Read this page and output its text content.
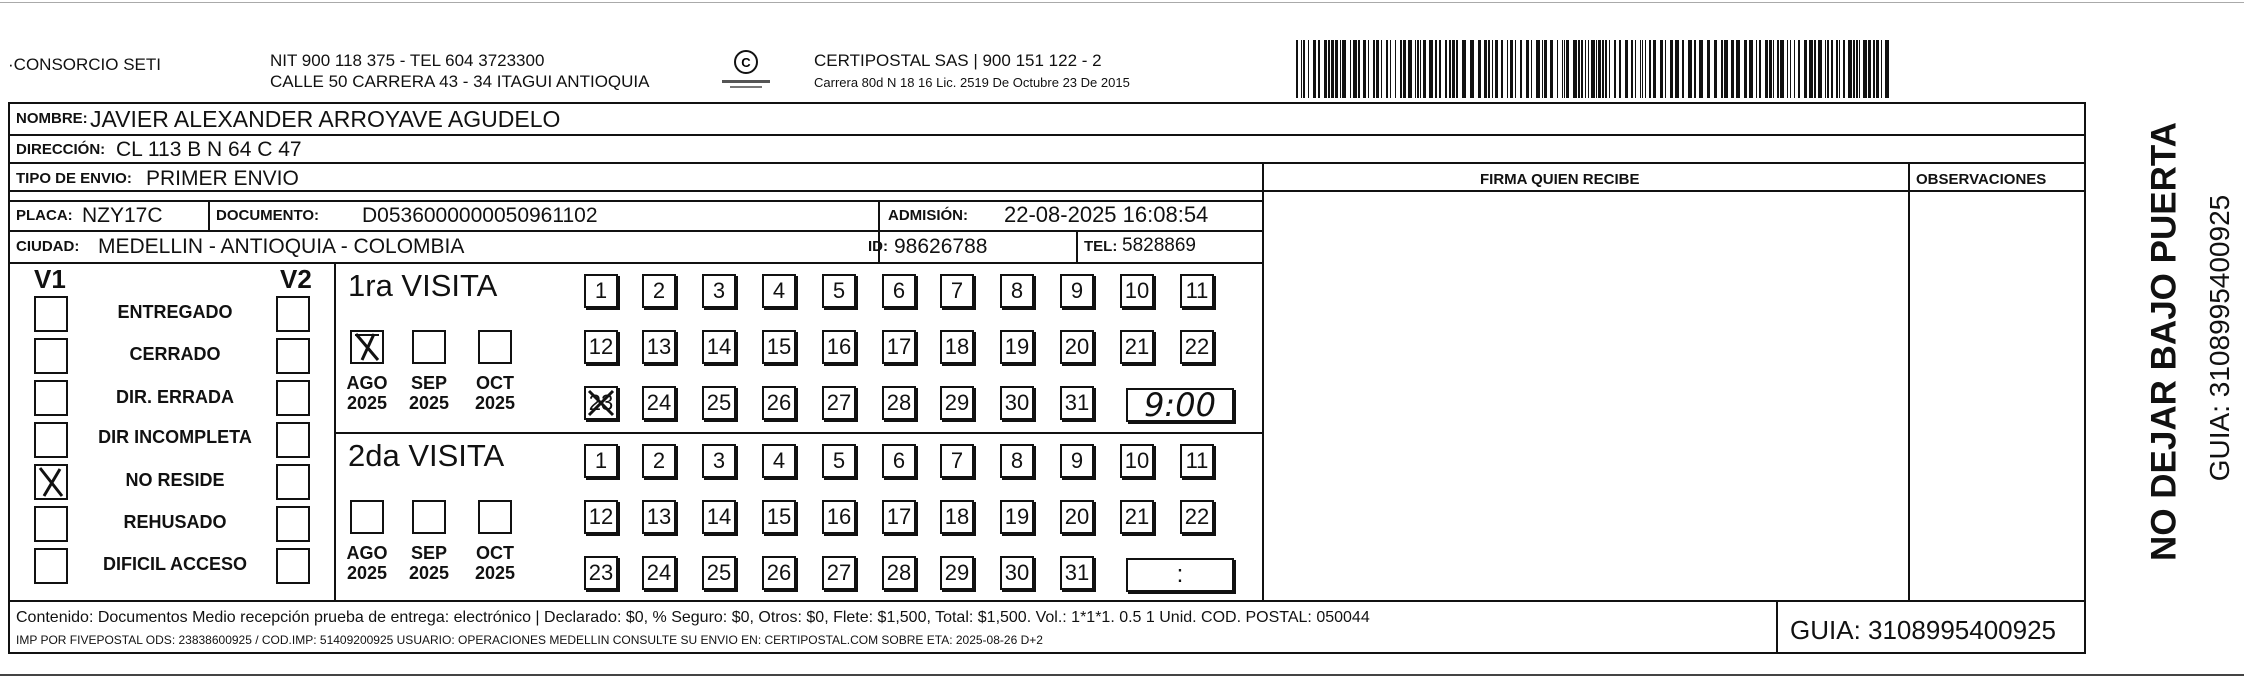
·CONSORCIO SETI	NIT 900 118 375 - TEL 604 3723300
CALLE 50 CARRERA 43 - 34 ITAGUI ANTIOQUIA
C	CERTIPOSTAL SAS | 900 151 122 - 2
Carrera 80d N 18 16 Lic. 2519 De Octubre 23 De 2015
NOMBRE: JAVIER ALEXANDER ARROYAVE AGUDELO
DIRECCIÓN: CL 113 B N 64 C 47
TIPO DE ENVIO: PRIMER ENVIO	FIRMA QUIEN RECIBE	OBSERVACIONES
PLACA: NZY17C	DOCUMENTO: D0536000000050961102	ADMISIÓN: 22-08-2025 16:08:54
CIUDAD: MEDELLIN - ANTIOQUIA - COLOMBIA	ID: 98626788	TEL: 5828869
V1	V2
ENTREGADO
CERRADO
DIR. ERRADA
DIR INCOMPLETA
NO RESIDE
REHUSADO
DIFICIL ACCESO
1ra VISITA
AGO
2025
SEP
2025
OCT
2025
1	2	3	4	5	6	7	8	9	10 11
12 13 14 15 16 17 18 19 20 21 22
23 24 25 26 27 28 29 30 31	9:00
2da VISITA
AGO
2025
SEP
2025
OCT
2025
1	2	3	4	5	6	7	8	9	10 11
12 13 14 15 16 17 18 19 20 21 22
23 24 25 26 27 28 29 30 31	:
NO DEJAR BAJO PUERTA GUIA: 3108995400925
Contenido: Documentos Medio recepción prueba de entrega: electrónico | Declarado: $0, % Seguro: $0, Otros: $0, Flete: $1,500, Total: $1,500. Vol.: 1*1*1. 0.5 1 Unid. COD. POSTAL: 050044
IMP POR FIVEPOSTAL ODS: 23838600925 / COD.IMP: 51409200925 USUARIO: OPERACIONES MEDELLIN CONSULTE SU ENVIO EN: CERTIPOSTAL.COM SOBRE ETA: 2025-08-26 D+2	GUIA: 3108995400925
